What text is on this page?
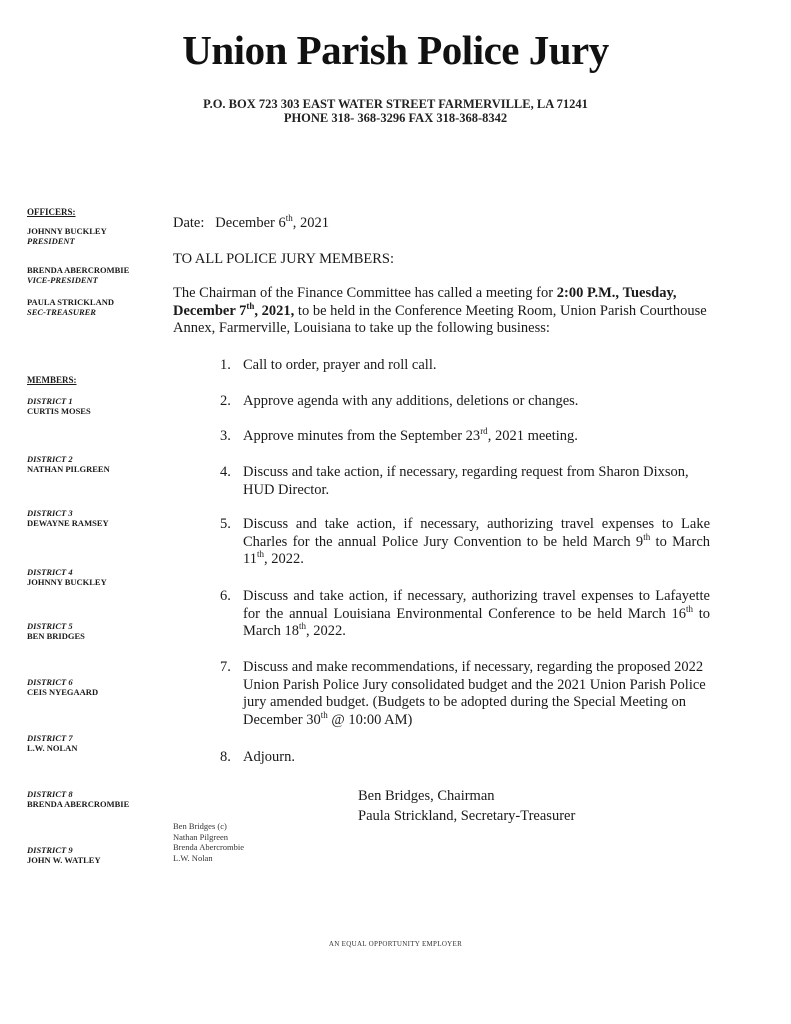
Union Parish Police Jury
P.O. BOX 723 303 EAST WATER STREET FARMERVILLE, LA 71241
PHONE 318- 368-3296 FAX 318-368-8342
OFFICERS:
JOHNNY BUCKLEY
PRESIDENT
BRENDA ABERCROMBIE
VICE-PRESIDENT
PAULA STRICKLAND
SEC-TREASURER
MEMBERS:
DISTRICT 1
CURTIS MOSES
DISTRICT 2
NATHAN PILGREEN
DISTRICT 3
DEWAYNE RAMSEY
DISTRICT 4
JOHNNY BUCKLEY
DISTRICT 5
BEN BRIDGES
DISTRICT 6
CEIS NYEGAARD
DISTRICT 7
L.W. NOLAN
DISTRICT 8
BRENDA ABERCROMBIE
DISTRICT 9
JOHN W. WATLEY
Date: December 6th, 2021
TO ALL POLICE JURY MEMBERS:
The Chairman of the Finance Committee has called a meeting for 2:00 P.M., Tuesday, December 7th, 2021, to be held in the Conference Meeting Room, Union Parish Courthouse Annex, Farmerville, Louisiana to take up the following business:
1. Call to order, prayer and roll call.
2. Approve agenda with any additions, deletions or changes.
3. Approve minutes from the September 23rd, 2021 meeting.
4. Discuss and take action, if necessary, regarding request from Sharon Dixson, HUD Director.
5. Discuss and take action, if necessary, authorizing travel expenses to Lake Charles for the annual Police Jury Convention to be held March 9th to March 11th, 2022.
6. Discuss and take action, if necessary, authorizing travel expenses to Lafayette for the annual Louisiana Environmental Conference to be held March 16th to March 18th, 2022.
7. Discuss and make recommendations, if necessary, regarding the proposed 2022 Union Parish Police Jury consolidated budget and the 2021 Union Parish Police jury amended budget. (Budgets to be adopted during the Special Meeting on December 30th @ 10:00 AM)
8. Adjourn.
Ben Bridges, Chairman
Paula Strickland, Secretary-Treasurer
Ben Bridges (c)
Nathan Pilgreen
Brenda Abercrombie
L.W. Nolan
AN EQUAL OPPORTUNITY EMPLOYER
